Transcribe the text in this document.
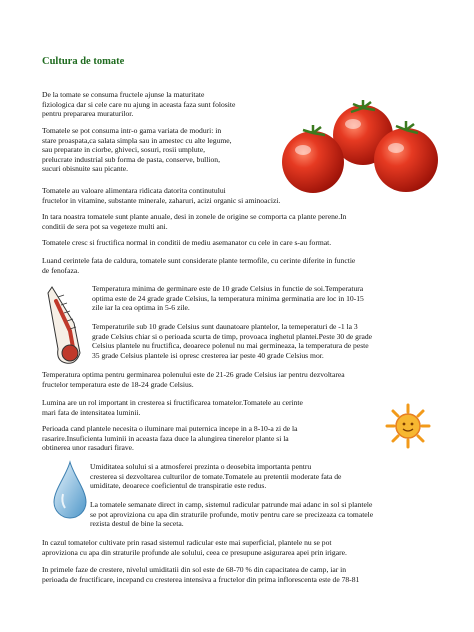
Cultura de tomate
De la tomate se consuma fructele ajunse la maturitate
fiziologica dar si cele care nu ajung in aceasta faza sunt folosite
pentru prepararea muraturilor.
Tomatele se pot consuma intr-o gama variata de moduri: in
stare proaspata,ca salata simpla sau in amestec cu alte legume,
sau preparate in ciorbe, ghiveci, sosuri, rosii umplute,
prelucrate industrial sub forma de pasta, conserve, bullion,
sucuri obisnuite sau picante.
Tomatele au valoare alimentara ridicata datorita continutului
fructelor in vitamine, substante minerale, zaharuri, acizi organic si aminoacizi.
In tara noastra tomatele sunt plante anuale, desi in zonele de origine se comporta ca plante perene.In
conditii de sera pot sa vegeteze multi ani.
Tomatele cresc si fructifica normal in conditii de mediu asemanator cu cele in care s-au format.
Luand cerintele fata de caldura, tomatele sunt considerate plante termofile, cu cerinte diferite in functie
de fenofaza.
Temperatura minima de germinare este de 10 grade Celsius in functie de soi.Temperatura
optima este de 24 grade grade Celsius, la temperatura minima germinatia are loc in 10-15
zile iar la cea optima in 5-6 zile.
Temperaturile sub 10 grade Celsius sunt daunatoare plantelor, la temeperaturi de -1 la 3
grade Celsius chiar si o perioada scurta de timp, provoaca inghetul plantei.Peste 30 de grade
Celsius plantele nu fructifica, deoarece polenul nu mai germineaza, la temperatura de peste
35 grade Celsius plantele isi opresc cresterea iar peste 40 grade Celsius mor.
Temperatura optima pentru germinarea polenului este de 21-26 grade Celsius iar pentru dezvoltarea
fructelor temperatura este de 18-24 grade Celsius.
Lumina are un rol important in cresterea si fructificarea tomatelor.Tomatele au cerinte
mari fata de intensitatea luminii.
Perioada cand plantele necesita o iluminare mai puternica incepe in a 8-10-a zi de la
rasarire.Insuficienta luminii in aceasta faza duce la alungirea tinerelor plante si la
obtinerea unor rasaduri firave.
Umiditatea solului si a atmosferei prezinta o deosebita importanta pentru
cresterea si dezvoltarea culturilor de tomate.Tomatele au pretentii moderate fata de
umiditate, deoarece coeficientul de transpiratie este redus.
La tomatele semanate direct in camp, sistemul radicular patrunde mai adanc in sol si plantele
se pot aproviziona cu apa din straturile profunde, motiv pentru care se precizeaza ca tomatele
rezista destul de bine la seceta.
In cazul tomatelor cultivate prin rasad sistemul radicular este mai superficial, plantele nu se pot
aproviziona cu apa din straturile profunde ale solului, ceea ce presupune asigurarea apei prin irigare.
In primele faze de crestere, nivelul umiditatii din sol este de 68-70 % din capacitatea de camp, iar in
perioada de fructificare, incepand cu cresterea intensiva a fructelor din prima inflorescenta este de 78-81
